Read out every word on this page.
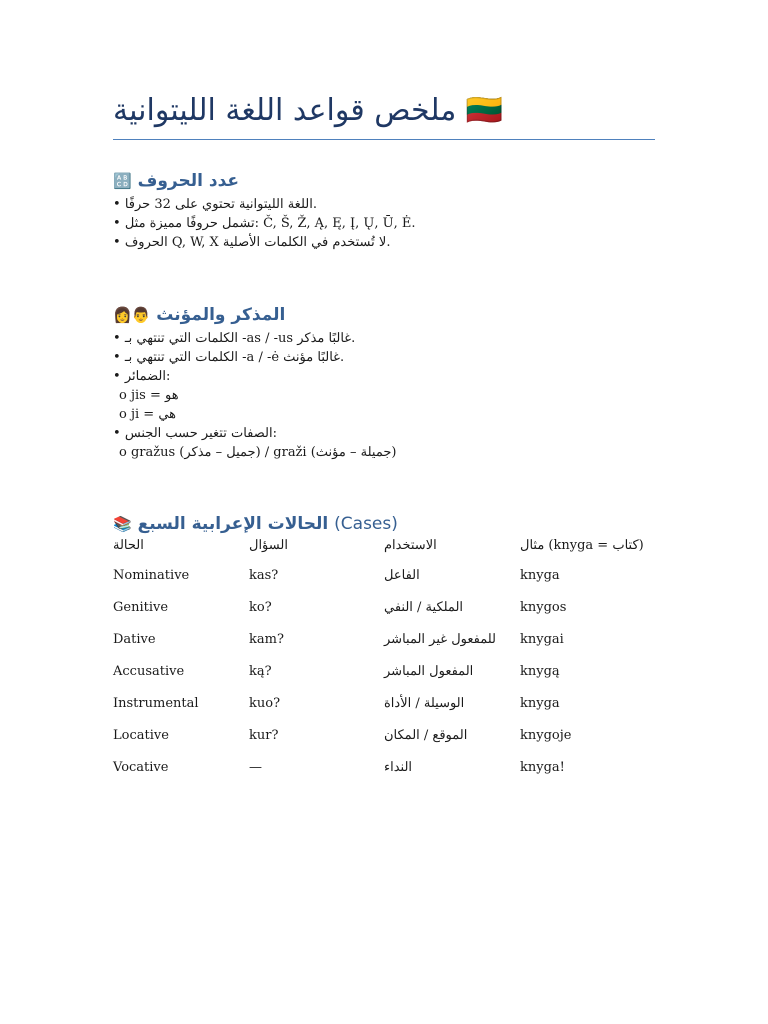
ملخص قواعد اللغة الليتوانية 🇱🇹
🔠 عدد الحروف
• اللغة الليتوانية تحتوي على 32 حرفًا.
• تشمل حروفًا مميزة مثل: Č, Š, Ž, Ą, Ę, Į, Ų, Ū, Ė.
• الحروف Q, W, X لا تُستخدم في الكلمات الأصلية.
👨‍👩 المذكر والمؤنث
• الكلمات التي تنتهي بـ -as / -us غالبًا مذكر.
• الكلمات التي تنتهي بـ -a / -ė غالبًا مؤنث.
• الضمائر:
o jis = هو
o ji = هي
• الصفات تتغير حسب الجنس:
o gražus (جميل – مذكر) / graži (جميلة – مؤنث)
📚 الحالات الإعرابية السبع (Cases)
الحالة	السؤال	الاستخدام	مثال (knyga = كتاب)
Nominative	kas?	الفاعل	knyga
Genitive	ko?	الملكية / النفي	knygos
Dative	kam?	للمفعول غير المباشر	knygai
Accusative	ką?	المفعول المباشر	knygą
Instrumental	kuo?	الوسيلة / الأداة	knyga
Locative	kur?	الموقع / المكان	knygoje
Vocative	—	النداء	knyga!
